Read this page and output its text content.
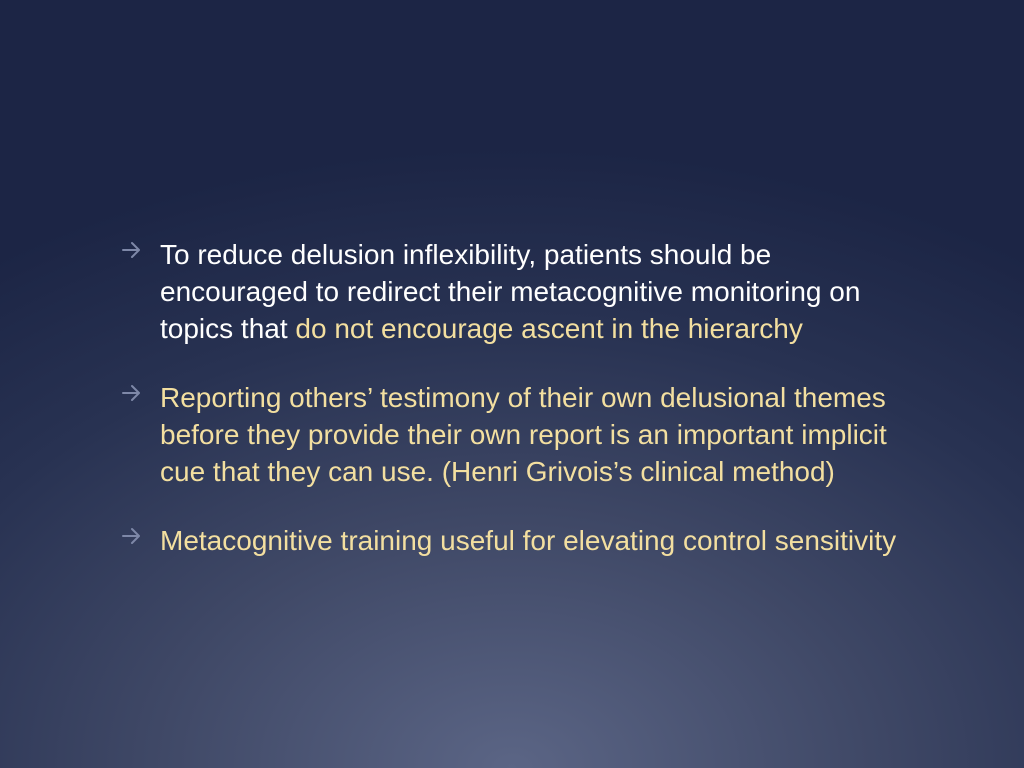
To reduce delusion inflexibility, patients should be encouraged to redirect their metacognitive monitoring on topics that do not encourage ascent in the hierarchy
Reporting others’ testimony of their own delusional themes before they provide their own report is an important implicit cue that they can use. (Henri Grivois’s clinical method)
Metacognitive training useful for elevating control sensitivity
